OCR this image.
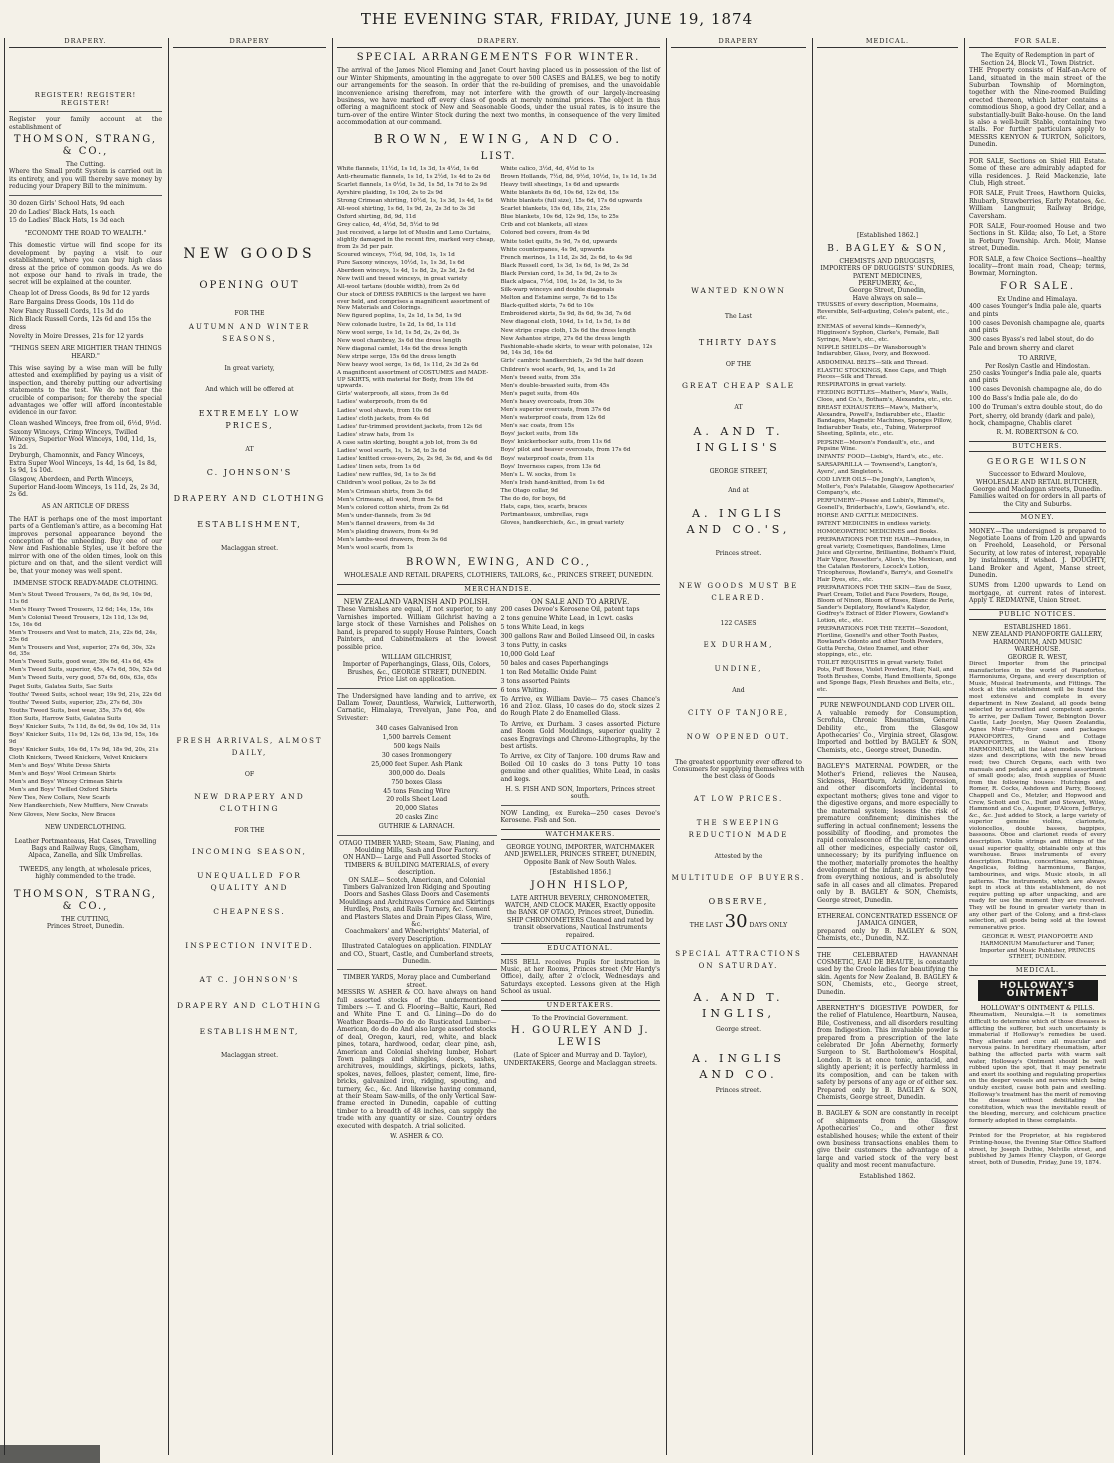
THE EVENING STAR, FRIDAY, JUNE 19, 1874
DRAPERY.
REGISTER! REGISTER! REGISTER!

Register your family account at the establishment of

THOMSON, STRANG, & CO.,
The Cutting.

Where the Small profit System is carried out in its entirety, and you will thereby save money by reducing your Drapery Bill to the minimum.

30 dozen Girls' School Hats, 9d each
20 do Ladies' Black Hats, 1s each
15 do Ladies' Black Hats, 1s 3d each
"ECONOMY THE ROAD TO WEALTH."

This domestic virtue will find scope for its development by paying a visit to our establishment, where you can buy high class dress at the price of common goods. As we do not expose our hand to rivals in trade, the secret will be explained at the counter.

Cheap lot of Dress Goods, 8s 9d for 12 yards
Rare Bargains Dress Goods, 10s 11d do
New Fancy Russell Cords, 11s 3d do
Rich Black Russell Cords, 12s 6d and 15s the dress
Novelty in Moire Dresses, 21s for 12 yards
"THINGS SEEN ARE MIGHTIER THAN THINGS HEARD."

This wise saying by a wise man will be fully attested and exemplified by paying us a visit of inspection, and thereby putting our advertising statements to the test. We do not fear the crucible of comparison; for thereby the special advantages we offer will afford incontestable evidence in our favor.

Clean washed Winceys, free from oil, 6½d, 9½d.
Saxony Winceys, Crimp Winceys, Twilled Winceys, Superior Wool Winceys, 10d, 11d, 1s, 1s 2d.
Dryburgh, Chamonnix, and Fancy Winceys, Extra Super Wool Winceys, 1s 4d, 1s 6d, 1s 8d, 1s 9d, 1s 10d.
Glasgow, Aberdeen, and Perth Winceys, Superior Hand-loom Winceys, 1s 11d, 2s, 2s 3d, 2s 6d.
AS AN ARTICLE OF DRESS

The HAT is perhaps one of the most important parts of a Gentleman's attire, as a becoming Hat improves personal appearance beyond the conception of the unheeding. Buy one of our New and Fashionable Styles, use it before the mirror with one of the olden times, look on this picture and on that, and the silent verdict will be, that your money was well spent.

IMMENSE STOCK READY-MADE CLOTHING.
Men's Stout Tweed Trousers, 7s 6d, 8s 9d, 10s 9d, 11s 6d
Men's Heavy Tweed Trousers, 12 6d; 14s, 15s, 16s
Men's Colonial Tweed Trousers, 12s 11d, 13s 9d, 15s, 16s 6d
Men's Trousers and Vest to match, 21s, 22s 6d, 24s, 25s 6d
Men's Trousers and Vest, superior, 27s 6d, 30s, 32s 6d, 35s
Men's Tweed Suits, good wear, 39s 6d, 41s 6d, 45s
Men's Tweed Suits, superior, 45s, 47s 6d, 50s, 52s 6d
Men's Tweed Suits, very good, 57s 6d, 60s, 63s, 65s
Paget Suits, Galatea Suits, Sac Suits
Youths' Tweed Suits, school wear, 19s 9d, 21s, 22s 6d
Youths' Tweed Suits, superior, 25s, 27s 6d, 30s
Youths Tweed Suits, best wear, 35s, 37s 6d, 40s
Eton Suits, Harrow Suits, Galatea Suits
Boys' Knicker Suits, 7s 11d, 8s 6d, 9s 6d, 10s 3d, 11s
Boys' Knicker Suits, 11s 9d, 12s 6d, 13s 9d, 15s, 16s 9d
Boys' Knicker Suits, 16s 6d, 17s 9d, 18s 9d, 20s, 21s
Cloth Knickers, Tweed Knickers, Velvet Knickers
Men's and Boys' White Dress Shirts
Men's and Boys' Wool Crimean Shirts
Men's and Boys' Wincey Crimean Shirts
Men's and Boys' Twilled Oxford Shirts
New Ties, New Collars, New Scarfs
New Handkerchiefs, New Mufflers, New Cravats
New Gloves, New Socks, New Braces
NEW UNDERCLOTHING.
Leather Portmanteaus, Hat Cases, Travelling Bags and Railway Rugs, Gingham,
Alpaca, Zanella, and Silk Umbrellas.
TWEEDS, any length, at wholesale prices, highly commended to the trade.
THOMSON, STRANG, & CO.,
THE CUTTING,
Princes Street, Dunedin.
DRAPERY
NEW GOODS
OPENING OUT
FOR THE
AUTUMN AND WINTER SEASONS,
In great variety,
And which will be offered at
EXTREMELY LOW PRICES,
AT
C. JOHNSON'S
DRAPERY AND CLOTHING
ESTABLISHMENT,
Maclaggan street.
FRESH ARRIVALS, ALMOST DAILY,
OF
NEW DRAPERY AND CLOTHING
FOR THE
INCOMING SEASON,
UNEQUALLED FOR QUALITY AND
CHEAPNESS.
INSPECTION INVITED.
AT C. JOHNSON'S
DRAPERY AND CLOTHING
ESTABLISHMENT,
Maclaggan street.
DRAPERY.
SPECIAL ARRANGEMENTS FOR WINTER.

The arrival of the James Nicol Fleming and Janet Court having placed us in possession of the list of our Winter Shipments, amounting in the aggregate to over 500 CASES and BALES, we beg to notify our arrangements for the season. In order that the re-building of premises, and the unavoidable inconvenience arising therefrom, may not interfere with the growth of our largely-increasing business, we have marked off every class of goods at merely nominal prices. The object in thus offering a magnificent stock of New and Seasonable Goods, under the usual rates, is to insure the turn-over of the entire Winter Stock during the next two months, in consequence of the very limited accommodation at our command.

BROWN, EWING, AND CO.
LIST.
White flannels, 11½d, 1s 1d, 1s 3d, 1s 4½d, 1s 6d
Anti-rheumatic flannels, 1s 1d, 1s 2½d, 1s 4d to 2s 6d
Scarlet flannels, 1s 0½d, 1s 3d, 1s 5d, 1s 7d to 2s 9d
Ayrshire plaiding, 1s 10d, 2s to 2s 9d
Strong Crimean shirting, 10½d, 1s, 1s 3d, 1s 4d, 1s 6d
All-wool shirting, 1s 6d, 1s 9d, 2s, 2s 3d to 3s 3d
Oxford shirting, 8d, 9d, 11d
Grey calico, 4d, 4½d, 5d, 5½d to 9d
Just received, a large lot of Muslin and Leno Curtains, slightly damaged in the recent fire, marked very cheap, from 2s 3d per pair.
Scoured winceys, 7½d, 9d, 10d, 1s, 1s 1d
Pure Saxony winceys, 10½d, 1s, 1s 3d, 1s 6d
Aberdeen winceys, 1s 4d, 1s 8d, 2s, 2s 3d, 2s 6d
New twill and tweed winceys, in great variety
All-wool tartans (double width), from 2s 6d
Our stock of DRESS FABRICS is the largest we have ever held, and comprises a magnificent assortment of New Materials and Colorings.
New figured poplins, 1s, 2s 1d, 1s 5d, 1s 9d
New colonade lustre, 1s 2d, 1s 6d, 1s 11d
New wool serge, 1s 1d, 1s 5d, 2s, 2s 6d, 3s
New wool chambray, 3s 6d the dress length
New diagonal camlet, 14s 6d the dress length
New stripe serge, 15s 6d the dress length
New heavy wool serge, 1s 6d, 1s 11d, 2s 3d 2s 6d
A magnificent assortment of COSTUMES and MADE-UP SKIRTS, with material for Body, from 19s 6d upwards.
Girls' waterproofs, all sizes, from 3s 6d
Ladies' waterproofs, from 6s 6d
Ladies' wool shawls, from 10s 6d
Ladies' cloth jackets, from 4s 6d
Ladies' fur-trimmed provident jackets, from 12s 6d
Ladies' straw hats, from 1s
A case satin skirting, bought a job lot, from 3s 6d
Ladies' wool scarfs, 1s, 1s 3d, to 3s 6d
Ladies' knitted cross-overs, 2s, 2s 9d, 3s 6d, and 4s 6d
Ladies' linen sets, from 1s 6d
Ladies' new ruffles, 9d, 1s to 3s 6d
Children's wool polkas, 2s to 3s 6d
Men's Crimean shirts, from 3s 6d
Men's Crimeans, all wool, from 5s 6d
Men's colored cotton shirts, from 2s 6d
Men's under-flannels, from 3s 9d
Men's flannel drawers, from 4s 3d
Men's plaiding drawers, from 4s 9d
Men's lambs-wool drawers, from 3s 6d
Men's wool scarfs, from 1s
White calico, 3½d, 4d, 4½d to 1s
Brown Hollands, 7½d, 8d, 9½d, 10½d, 1s, 1s 1d, 1s 3d
Heavy twill sheetings, 1s 6d and upwards
White blankets 8s 6d, 10s 6d, 12s 6d, 15s
White blankets (full size), 15s 6d, 17s 6d upwards
Scarlet blankets, 15s 6d, 18s, 21s, 25s
Blue blankets, 10s 6d, 12s 9d, 15s, to 25s
Crib and cot blankets, all sizes
Colored bed covers, from 4s 9d
White toilet quilts, 5s 9d, 7s 6d, upwards
White counterpanes, 4s 9d, upwards
French merinos, 1s 11d, 2s 3d, 2s 6d, to 4s 9d
Black Russell cord, 1s 3d, 1s 6d, 1s 9d, 2s 3d
Black Persian cord, 1s 3d, 1s 9d, 2s to 3s
Black alpaca, 7½d, 10d, 1s 2d, 1s 3d, to 3s
Silk-warp winceys and double diagonals
Melton and Estamine serge, 7s 6d to 15s
Black-quilted skirts, 7s 6d to 10s
Embroidered skirts, 5s 9d, 8s 6d, 9s 3d, 7s 6d
New diagonal cloth, 104d, 1s 1d, 1s 5d, 1s 8d
New stripe crape cloth, 13s 6d the dress length
New Ashantee stripe, 27s 6d the dress length
Fashionable-shade skirts, to wear with polonaise, 12s 9d, 14s 3d, 16s 6d
Girls' cambric handkerchiefs, 2s 9d the half dozen
Children's wool scarfs, 9d, 1s, and 1s 2d
Men's tweed suits, from 35s
Men's double-breasted suits, from 45s
Men's paget suits, from 40s
Men's heavy overcoats, from 30s
Men's superior overcoats, from 37s 6d
Men's waterproof coats, from 12s 6d
Men's sac coats, from 15s
Boys' jacket suits, from 18s
Boys' knickerbocker suits, from 11s 6d
Boys' pilot and beaver overcoats, from 17s 6d
Boys' waterproof coats, from 11s
Boys' Inverness capes, from 13s 6d
Men's L. W. socks, from 1s
Men's Irish hand-knitted, from 1s 6d
The Otago collar, 9d
The do do, for boys, 6d
Hats, caps, ties, scarfs, braces
Portmanteaux, umbrellas, rugs
Gloves, handkerchiefs, &c., in great variety
BROWN, EWING, AND CO.,
WHOLESALE AND RETAIL DRAPERS, CLOTHIERS, TAILORS, &c., PRINCES STREET, DUNEDIN.
MERCHANDISE.
NEW ZEALAND VARNISH AND POLISH.

These Varnishes are equal, if not superior, to any Varnishes imported. William Gilchrist having a large stock of these Varnishes and Polishes on hand, is prepared to supply House Painters, Coach Painters, and Cabinetmakers at the lowest possible price.

WILLIAM GILCHRIST,
Importer of Paperhangings, Glass, Oils, Colors, Brushes, &c., GEORGE STREET, DUNEDIN.
Price List on application.

The Undersigned have landing and to arrive, ex Dallam Tower, Dauntless, Warwick, Lutterworth, Carnatic, Himalaya, Trevelyan, Jane Poa, and Svivester:

340 cases Galvanised Iron
1,500 barrels Cement
500 kegs Nails
30 cases Ironmongery
25,000 feet Super. Ash Plank
300,000 do. Deals
750 boxes Glass
45 tons Fencing Wire
20 rolls Sheet Lead
20,000 Slates
20 casks Zinc
GUTHRIE & LARNACH.
OTAGO TIMBER YARD; Steam, Saw, Planing, and Moulding Mills, Sash and Door Factory.
ON HAND— Large and Full Assorted Stocks of TIMBERS & BUILDING MATERIALS, of every description.
ON SALE— Scotch, American, and Colonial Timbers Galvanized Iron Ridging and Spouting Doors and Sashes Glass Doors and Casements Mouldings and Architraves Cornice and Skirtings Hurdles, Posts, and Rails Turnery, &c. Cement and Plasters Slates and Drain Pipes Glass, Wire, &c.
Coachmakers' and Wheelwrights' Material, of every Description.
Illustrated Catalogues on application. FINDLAY and CO., Stuart, Castle, and Cumberland streets, Dunedin.
TIMBER YARDS, Moray place and Cumberland street.

MESSRS W. ASHER & CO. have always on hand full assorted stocks of the undermentioned Timbers :— T. and G. Flooring—Baltic, Kauri, Red and White Pine T. and G. Lining—Do do do Weather Boards—Do do do Rusticated Lumber—American, do do do And also large assorted stocks of deal, Oregon, kauri, red, white, and black pines, totara, hardwood, cedar, clear pine, ash, American and Colonial shelving lumber, Hobart Town palings and shingles, doors, sashes, architraves, mouldings, skirtings, pickets, laths, spokes, naves, felloes, plaster, cement, lime, fire-bricks, galvanized iron, ridging, spouting, and turnery, &c., &c. And likewise having command, at their Steam Saw-mills, of the only Vertical Saw-frame erected in Dunedin, capable of cutting timber to a breadth of 48 inches, can supply the trade with any quantity or size. Country orders executed with despatch. A trial solicited.

W. ASHER & CO.
ON SALE AND TO ARRIVE.
200 cases Devoe's Kerosene Oil, patent taps
2 tons genuine White Lead, in 1cwt. casks
5 tons White Lead, in kegs
300 gallons Raw and Boiled Linseed Oil, in casks
3 tons Putty, in casks
10,000 Gold Leaf
50 bales and cases Paperhangings
1 ton Red Metallic Oxide Paint
3 tons assorted Paints
6 tons Whiting.

To Arrive, ex William Davie— 75 cases Chance's 16 and 21oz. Glass, 10 cases do do, stock sizes 2 do Rough Plate 2 do Enamelled Glass.

To Arrive, ex Durham. 3 cases assorted Picture and Room Gold Mouldings, superior quality 2 cases Engravings and Chromo-Lithographs, by the best artists.

To Arrive, ex City of Tanjore. 100 drums Raw and Boiled Oil 10 casks do 3 tons Putty 10 tons genuine and other qualities, White Lead, in casks and kegs.

H. S. FISH AND SON, Importers, Princes street south.

NOW Landing, ex Eureka—250 cases Devoe's Kerosene. Fish and Son.

WATCHMAKERS.
GEORGE YOUNG, IMPORTER, WATCHMAKER AND JEWELLER, PRINCES STREET, DUNEDIN, Opposite Bank of New South Wales.
[Established 1856.]
JOHN HISLOP,
LATE ARTHUR BEVERLY, CHRONOMETER, WATCH, AND CLOCK MAKER, Exactly opposite the BANK OF OTAGO, Princes street, Dunedin. SHIP CHRONOMETERS Cleaned and rated by transit observations, Nautical Instruments repaired.
EDUCATIONAL.

MISS BELL receives Pupils for instruction in Music, at her Rooms, Princes street (Mr Hardy's Office), daily, after 2 o'clock, Wednesdays and Saturdays excepted. Lessons given at the High School as usual.

UNDERTAKERS.
To the Provincial Government.
H. GOURLEY AND J. LEWIS
(Late of Spicer and Murray and D. Taylor), UNDERTAKERS, George and Maclaggan streets.
DRAPERY
WANTED KNOWN
The Last
THIRTY DAYS
OF THE
GREAT CHEAP SALE
AT
A. AND T. INGLIS'S
GEORGE STREET,
And at
A. INGLIS AND CO.'S,
Princes street.
NEW GOODS MUST BE CLEARED.
122 CASES
EX DURHAM,
UNDINE,
And
CITY OF TANJORE,
NOW OPENED OUT.

The greatest opportunity ever offered to Consumers for supplying themselves with the best class of Goods

AT LOW PRICES.
THE SWEEPING REDUCTION MADE
Attested by the
MULTITUDE OF BUYERS.
OBSERVE,
THE LAST 30 DAYS ONLY
SPECIAL ATTRACTIONS ON SATURDAY.
A. AND T. INGLIS,
George street.
A. INGLIS AND CO.
Princes street.
MEDICAL.
[Established 1862.]
B. BAGLEY & SON,
CHEMISTS AND DRUGGISTS,
IMPORTERS OF DRUGGISTS' SUNDRIES, PATENT MEDICINES,
PERFUMERY, &c.,
George Street, Dunedin,
Have always on sale—
TRUSSES of every description, Moemains, Reversible, Self-adjusting, Coles's patent, etc., etc.
ENEMAS of several kinds—Kennedy's, Higginson's Syphon, Clarke's, Female, Ball Syringe, Maw's, etc., etc.
NIPPLE SHIELDS—Dr Wansborough's Indiarubber, Glass, Ivory, and Boxwood.
ABDOMINAL BELTS—Silk and Thread.
ELASTIC STOCKINGS, Knee Caps, and Thigh Pieces—Silk and Thread.
RESPIRATORS in great variety.
FEEDING BOTTLES—Mather's, Maw's, Walls, Cloos, and Co.'s, Botham's, Alexandra, etc., etc.
BREAST EXHAUSTERS—Maw's, Mather's, Alexandra, Powell's, Indiarubber etc., Elastic Bandages, Magnetic Machines, Sponges Pillow, Indiarubber Teats, etc., Tubing, Waterproof Sheeting, Splints, etc., etc.
PEPSINE—Morson's Fondault's, etc., and Pepsine Wine.
INFANTS' FOOD—Liebig's, Hard's, etc., etc.
SARSAPARILLA — Townsend's, Langton's, Ayers', and Singleton's.
COD LIVER OILS—De Jongh's, Langton's, Moller's, Fox's Palatable, Glasgow Apothecaries' Company's, etc.
PERFUMERY—Piesse and Lubin's, Rimmel's, Gosnell's, Briderbach's, Low's, Gowland's, etc.
HORSE AND CATTLE MEDICINES.
PATENT MEDICINES in endless variety.
HOMOEOPATHIC MEDICINES and Books.
PREPARATIONS FOR THE HAIR—Pomades, in great variety, Cosmetiques, Bandolines, Lime Juice and Glycerine, Brilliantine, Botham's Fluid, Hair Vigor, Rossetter's, Allen's, the Mexican, and the Catalan Restorers, Locock's Lotion, Tricopherous, Rowland's, Barry's, and Gosnell's Hair Dyes, etc., etc.
PREPARATIONS FOR THE SKIN—Eau de Suez, Pearl Cream, Toilet and Face Powders, Rouge, Bloom of Ninon, Bloom of Roses, Blanc de Perle, Sander's Depilatory, Rowland's Kalydor, Godfrey's Extract of Elder Flowers, Gowland's Lotion, etc., etc.
PREPARATIONS FOR THE TEETH—Sozodont, Floriline, Gosnell's and other Tooth Pastes, Rowland's Odonto and other Tooth Powders, Gutta Percha, Osteo Enamel, and other stoppings, etc., etc.
TOILET REQUISITES in great variety. Toilet Pots, Puff Boxes, Violet Powders, Hair, Nail, and Tooth Brushes, Combs, Hand Emollients, Sponge and Sponge Bags, Flesh Brushes and Belts, etc., etc.
PURE NEWFOUNDLAND COD LIVER OIL.

A valuable remedy for Consumption, Scrofula, Chronic Rheumatism, General Debility etc., from the Glasgow Apothecaries' Co., Virginia street, Glasgow. Imported and bottled by BAGLEY & SON, Chemists, etc., George street, Dunedin.

BAGLEY'S MATERNAL POWDER, or the Mother's Friend, relieves the Nausea, Sickness, Heartburn, Acidity, Depression, and other discomforts incidental to expectant mothers; gives tone and vigor to the digestive organs, and more especially to the maternal system; lessens the risk of premature confinement; diminishes the suffering in actual confinement; lessens the possibility of flooding, and promotes the rapid convalescence of the patient; renders all other medicines, especially castor oil, unnecessary; by its purifying influence on the mother, materially promotes the healthy development of the infant; is perfectly free from everything noxious, and is absolutely safe in all cases and all climates. Prepared only by B. BAGLEY & SON, Chemists, George street, Dunedin.

ETHEREAL CONCENTRATED ESSENCE OF JAMAICA GINGER,

prepared only by B. BAGLEY & SON, Chemists, etc., Dunedin, N.Z.

THE CELEBRATED HAVANNAH COSMETIC, EAU DE BEAUTE, is constantly used by the Creole ladies for beautifying the skin. Agents for New Zealand, B. BAGLEY & SON, Chemists, etc., George street, Dunedin.

ABERNETHY'S DIGESTIVE POWDER, for the relief of Flatulence, Heartburn, Nausea, Bile, Costiveness, and all disorders resulting from Indigestion. This invaluable powder is prepared from a prescription of the late celebrated Dr John Abernethy, formerly Surgeon to St. Bartholomew's Hospital, London. It is at once tonic, antacid, and slightly aperient; it is perfectly harmless in its composition, and can be taken with safety by persons of any age or of either sex. Prepared only by B. BAGLEY & SON, Chemists, George street, Dunedin.

B. BAGLEY & SON are constantly in receipt of shipments from the Glasgow Apothecaries' Co., and other first established houses; while the extent of their own business transactions enables them to give their customers the advantage of a large and varied stock of the very best quality and most recent manufacture.

Established 1862.
FOR SALE.
The Equity of Redemption in part of Section 24, Block VI., Town District.

THE Property consists of Half-an-Acre of Land, situated in the main street of the Suburban Township of Mornington, together with the Nine-roomed Building erected thereon, which latter contains a commodious Shop, a good dry Cellar, and a substantially-built Bake-house. On the land is also a well-built Stable, containing two stalls. For further particulars apply to MESSRS KENYON & TURTON, Solicitors, Dunedin.

FOR SALE, Sections on Shiel Hill Estate. Some of these are admirably adapted for villa residences. J. Reid Mackenzie, late Club, High street.

FOR SALE, Fruit Trees, Hawthorn Quicks, Rhubarb, Strawberries, Early Potatoes, &c. William Langmuir, Railway Bridge, Caversham.

FOR SALE, Four-roomed House and two Sections in St. Kilda; also, To Let, a Store in Forbury Township. Arch. Moir, Manse street, Dunedin.

FOR SALE, a few Choice Sections—healthy locality—front main road, Cheap; terms, Bowmar, Mornington.

FOR SALE.
Ex Undine and Himalaya.
400 cases Younger's India pale ale, quarts and pints
100 cases Devonish champagne ale, quarts and pints
300 cases Byass's red label stout, do do
Pale and brown sherry and claret
TO ARRIVE,
Per Roslyn Castle and Hindostan.
250 casks Younger's India pale ale, quarts and pints
100 cases Devonish champagne ale, do do
100 do Bass's India pale ale, do do
100 do Truman's extra double stout, do do
Port, sherry, old brandy (dark and pale), hock, champagne, Chablis claret
R. M. ROBERTSON & CO.
BUTCHERS.
GEORGE WILSON
Successor to Edward Moulove, WHOLESALE AND RETAIL BUTCHER, George and Maclaggan streets, Dunedin.
Families waited on for orders in all parts of the City and Suburbs.
MONEY.

MONEY.—The undersigned is prepared to Negotiate Loans of from L20 and upwards on Freehold, Leasehold, or Personal Security, at low rates of interest, repayable by instalments, if wished. J. DOUGHTY, Land Broker and Agent, Manse street, Dunedin.

SUMS from L200 upwards to Lend on mortgage, at current rates of interest. Apply T. REDMAYNE, Union Street.

PUBLIC NOTICES.
ESTABLISHED 1861.
NEW ZEALAND PIANOFORTE GALLERY, HARMONIUM, AND MUSIC WAREHOUSE.
GEORGE R. WEST,

Direct Importer from the principal manufactories in the world of Pianofortes, Harmoniums, Organs, and every description of Music, Musical Instruments, and Fittings. The stock at this establishment will be found the most extensive and complete in every department in New Zealand, all goods being selected by accredited and competent agents. To arrive, per Dallam Tower, Bebington Dover Castle, Lady Jocelyn, May Queen Zealandia, Agnes Muir—Fifty-four cases and packages PIANOFORTES, Grand and Cottage PIANOFORTES, in Walnut and Ebony HARMONIUMS, all the latest models. Various sizes and descriptions, with the new broad reed; two Church Organs, each with two manuals and pedals; and a general assortment of small goods; also, fresh supplies of Music from the following houses: Hutchings and Romer, R. Cocks, Ashdown and Parry, Boosey, Chappell and Co., Metzler, and Hopwood and Crew, Schott and Co., Duff and Stewart, Wiley, Hammond and Co., Augener, D'Alcorn, Jefferys, &c., &c. Just added to Stock, a large variety of superior genuine violins, clarionets, violoncellos, double basses, bagpipes, bassoons. Oboe and clarionet reeds of every description. Violin strings and fittings of the usual superior quality, obtainable only at this warehouse. Brass instruments of every description. Flutinas, concertinas, seraphinas, Angelicas, folding harmoniums, Banjos, tambourines, and wigs. Music stools, in all patterns. The instruments, which are always kept in stock at this establishment, do not require putting up after unpacking, and are ready for use the moment they are received. They will be found in greater variety than in any other part of the Colony, and a first-class selection, all goods being sold at the lowest remunerative price.

GEORGE R. WEST, PIANOFORTE AND HARMONIUM Manufacturer and Tuner, Importer and Music Publisher, PRINCES STREET, DUNEDIN.
MEDICAL.
HOLLOWAY'S OINTMENT
HOLLOWAY'S OINTMENT & PILLS.

Rheumatism, Neuralgia.—It is sometimes difficult to determine which of those diseases is afflicting the sufferer, but such uncertainty is immaterial if Holloway's remedies be used. They alleviate and cure all muscular and nervous pains. In hereditary rheumatism, after bathing the affected parts with warm salt water, Holloway's Ointment should be well rubbed upon the spot, that it may penetrate and exert its soothing and regulating properties on the deeper vessels and nerves which being unduly excited, cause both pain and swelling. Holloway's treatment has the merit of removing the disease without debilitating the constitution, which was the inevitable result of the bleeding, mercury, and colchicum practice formerly adopted in these complaints.

Printed for the Proprietor, at his registered Printing-house, the Evening Star Office Stafford street, by Joseph Duthie, Melville street, and published by James Henry Claypon, of George street, both of Dunedin, Friday, June 19, 1874.
